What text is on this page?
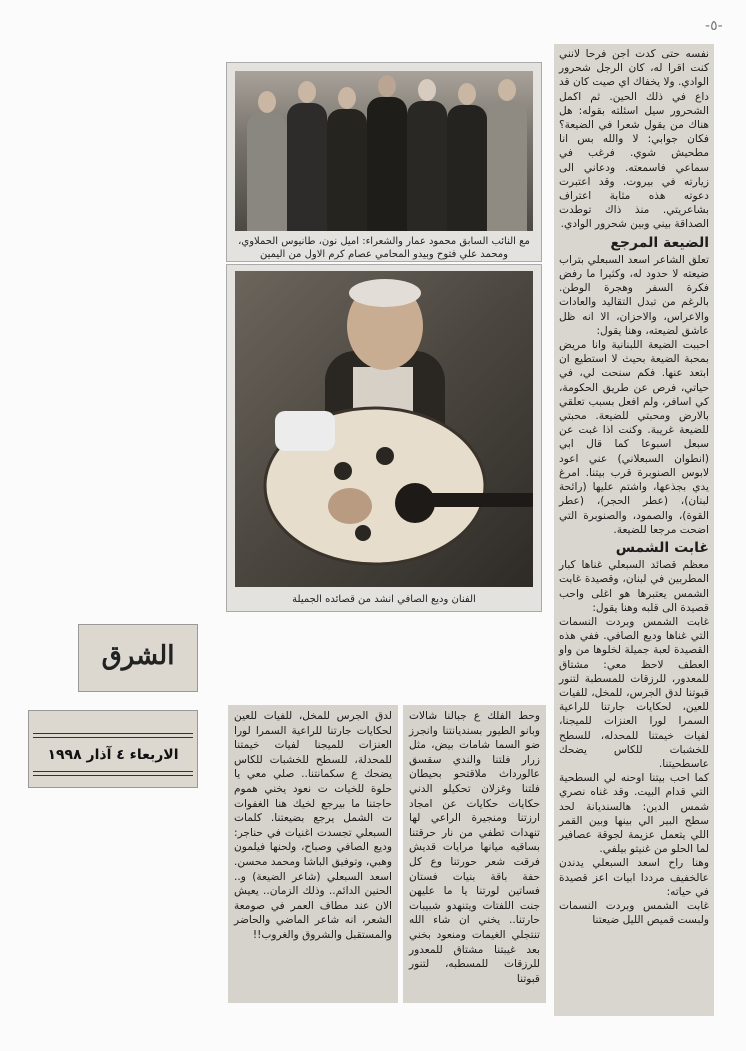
-٥-

نفسه حتى كدت اجن فرحا لانني كنت اقرا له، كان الرجل شحرور الوادي. ولا يخفاك اي صيت كان قد داع في ذلك الحين. ثم اكمل الشحرور سيل اسئلته بقوله: هل هناك من يقول شعرا في الضيعة؟ فكان جوابي: لا والله بس انا مطحيش شوي. فرغب في سماعي فاسمعته. ودعاني الى زيارته في بيروت. وقد اعتبرت دعوته هذه مثابة اعتراف بشاعريتي. منذ ذاك توطدت الصداقة بيني وبين شحرور الوادي.

الضيعة المرجع

تعلق الشاعر اسعد السبعلي بتراب ضيعته لا حدود له، وكثيرا ما رفض فكرة السفر وهجرة الوطن. بالرغم من تبدل التقاليد والعادات والاعراس، والاحزان، الا انه ظل عاشق لضيعته، وهنا يقول:

احببت الضيعة اللبنانية وانا مريض بمحبة الضيعة بحيث لا استطيع ان ابتعد عنها. فكم سنحت لي، في حياتي، فرص عن طريق الحكومة، كي اسافر، ولم افعل بسبب تعلقي بالارض ومحبتي للضيعة. محبتي للضيعة غريبة. وكنت اذا غبت عن سبعل اسبوعا كما قال ابي (انطوان السبعلاني) عني اعود لابوس الصنوبرة قرب بيتنا. امرغ يدي بجذعها، واشتم عليها (رائحة لبنان)، (عطر الحجر)، (عطر القوة)، والصمود، والصنوبرة التي اضحت مرجعا للضيعة.

غابت الشمس

معظم قصائد السبعلي غناها كبار المطربين في لبنان، وقصيدة غابت الشمس يعتبرها هو اغلى واحب قصيدة الى قلبه وهنا يقول:

غابت الشمس وبردت النسمات التي غناها وديع الصافي. ففي هذه القصيدة لعبة جميلة لخلوها من واو العطف لاحظ معي: مشتاق للمعدور، للرزقات للمسطبة لتنور قبوتنا لدق الجرس، للمخل، للفيات للعين، لحكايات جارتنا للراعية السمرا لورا العنزات للميجنا، لفيات خيمتنا للمحدله، للسطح للخشبات للكاس يضحك عاسطحيتنا.

كما احب بيتنا اوحنه لي السطحية التي قدام البيت. وقد غناه نصري شمس الدين: هالسنديانة لحد سطح البير الي بينها وبين القمر اللي يتعمل عزيمة لجوقة عصافير لما الحلو من غنيتو بيلفي.

وهنا راح اسعد السبعلي يدندن عالخفيف مرددا ابيات اعز قصيدة في حياته:

غابت الشمس وبردت النسمات ولبست قميص الليل ضيعتنا

مع النائب السابق محمود عمار والشعراء: اميل نون، طانيوس الحملاوي، ومحمد علي فتوح وبيدو المحامي عصام كرم الاول من اليمين
الفنان وديع الصافي انشد من قصائده الجميلة
الشرق
الاربعاء ٤ آذار ١٩٩٨

وحط الفلك ع جبالنا شالات وبانو الطيور بسنديانتنا وانجرز ضو السما شامات بيض، مثل زرار فلتنا والندي سقسق عالورداث ملاقتحو بحيطان فلتنا وغزلان تحكيلو الدني حكايات حكايات عن امجاد ارزتنا ومنجيرة الراعي لها تنهدات تطفي من نار حرقتنا بساقيه ميانها مرايات قديش فرقت شعر حورتنا وع كل حفة باقة بنيات فستان فساتين لورتنا يا ما عليهن جنت اللفتات ويتنهدو شبيبات حارتنا.. يخني ان شاء الله تنتجلي الغيمات ومنعود بخني بعد غيبتنا مشتاق للمعدور للرزقات للمسطبه، لتنور قبوتنا

لدق الجرس للمخل، للفيات للعين لحكايات جارتنا للراعية السمرا لورا العنزات للميجنا لفيات خيمتنا للمحدلة، للسطح للخشبات للكاس يضحك ع سكمانتنا.. صلي معي يا حلوة للخيات ت نعود يخني هموم حاجتنا ما بيرجع لخيك هنا الغفوات ت الشمل يرجع بضيعتنا. كلمات السبعلي تجسدت اغنيات في حناجر: وديع الصافي وصباح، ولحنها فيلمون وهبي، وتوفيق الباشا ومحمد محسن. اسعد السبعلي (شاعر الضيعة) و.. الحنين الدائم.. وذلك الزمان.. يعيش الان عند مطاف العمر في صومعة الشعر، انه شاعر الماضي والحاضر والمستقبل والشروق والغروب!!
